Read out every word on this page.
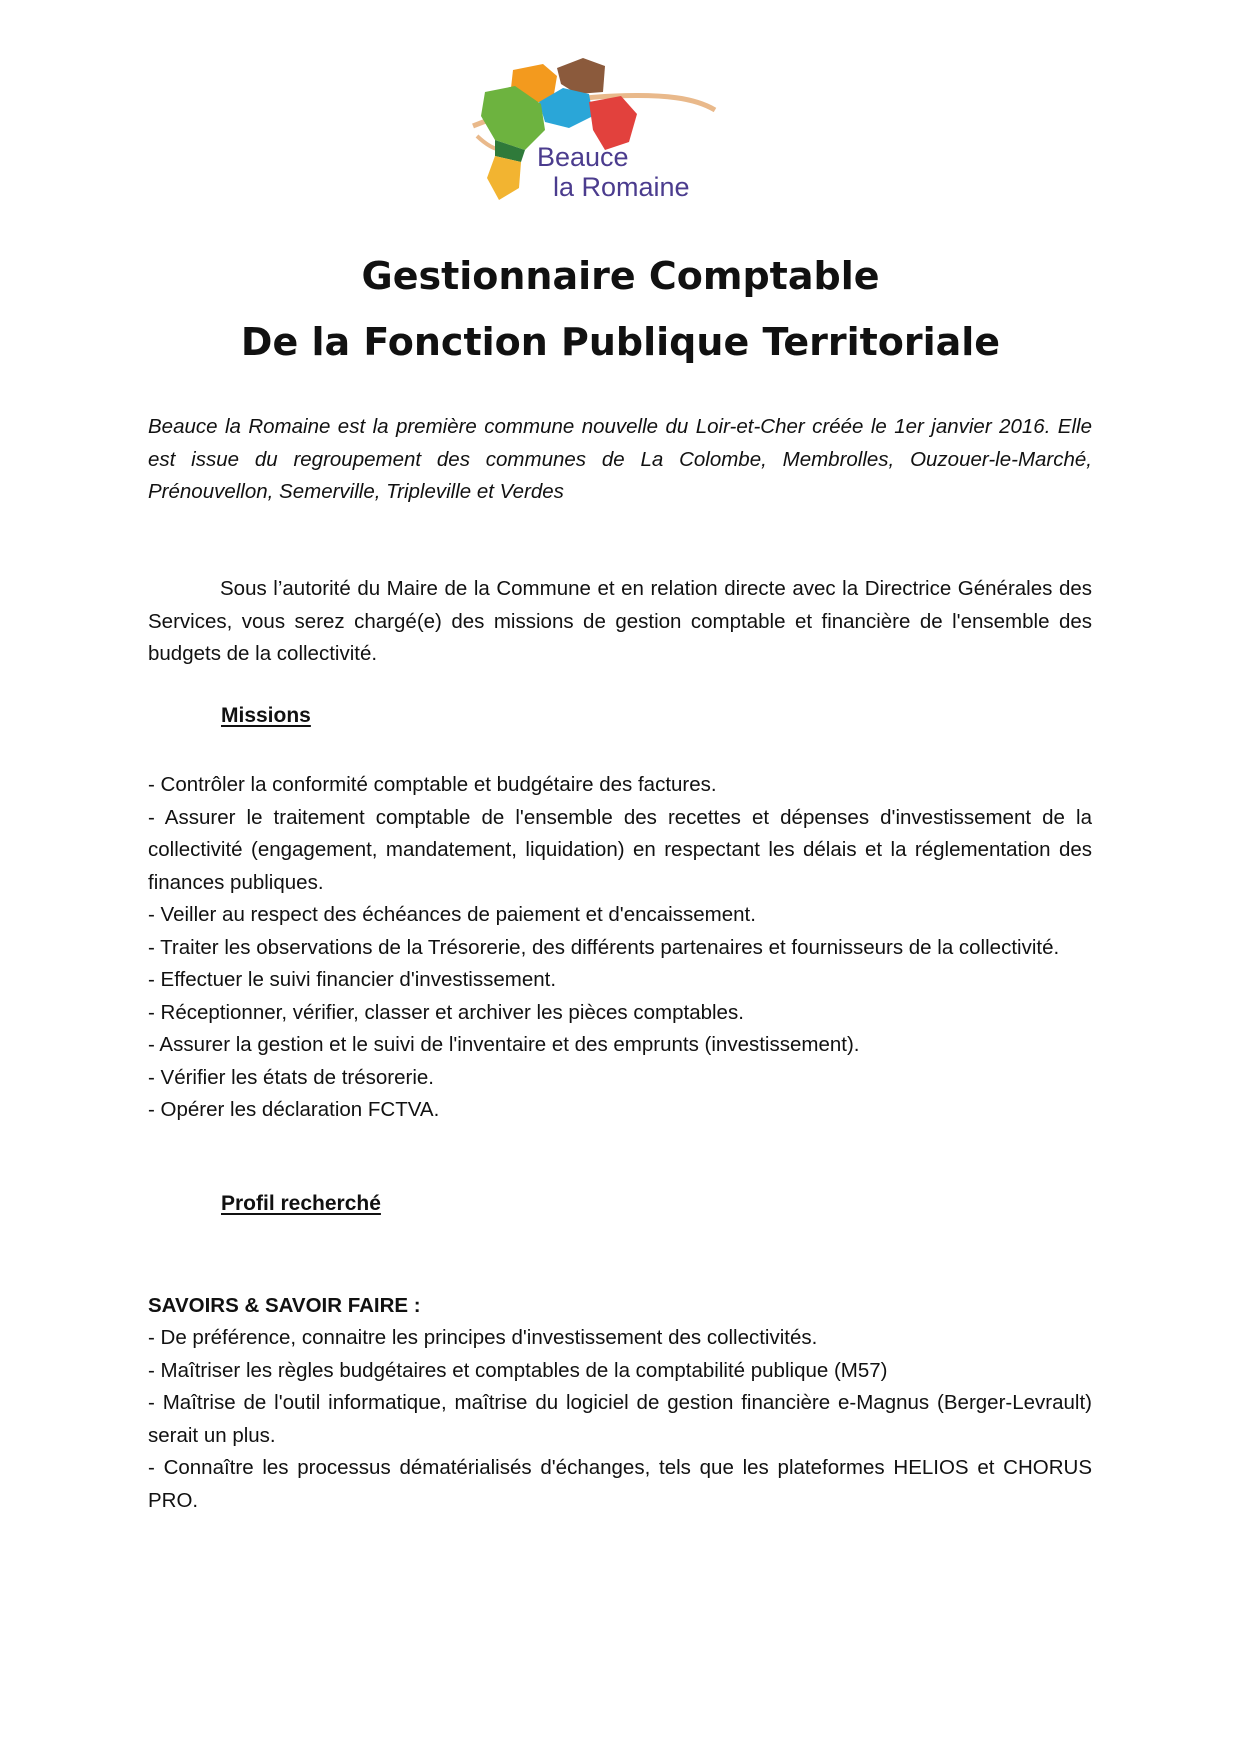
Beauce
la Romaine
Gestionnaire Comptable
De la Fonction Publique Territoriale

Beauce la Romaine est la première commune nouvelle du Loir-et-Cher créée le 1er janvier 2016. Elle est issue du regroupement des communes de La Colombe, Membrolles, Ouzouer-le-Marché, Prénouvellon, Semerville, Tripleville et Verdes

Sous l’autorité du Maire de la Commune et en relation directe avec la Directrice Générales des Services, vous serez chargé(e) des missions de gestion comptable et financière de l'ensemble des budgets de la collectivité.

Missions
- Contrôler la conformité comptable et budgétaire des factures.
- Assurer le traitement comptable de l'ensemble des recettes et dépenses d'investissement de la collectivité (engagement, mandatement, liquidation) en respectant les délais et la réglementation des finances publiques.
- Veiller au respect des échéances de paiement et d'encaissement.
- Traiter les observations de la Trésorerie, des différents partenaires et fournisseurs de la collectivité.
- Effectuer le suivi financier d'investissement.
- Réceptionner, vérifier, classer et archiver les pièces comptables.
- Assurer la gestion et le suivi de l'inventaire et des emprunts (investissement).
- Vérifier les états de trésorerie.
- Opérer les déclaration FCTVA.
Profil recherché
SAVOIRS & SAVOIR FAIRE :
- De préférence, connaitre les principes d'investissement des collectivités.
- Maîtriser les règles budgétaires et comptables de la comptabilité publique (M57)
- Maîtrise de l'outil informatique, maîtrise du logiciel de gestion financière e-Magnus (Berger-Levrault) serait un plus.
- Connaître les processus dématérialisés d'échanges, tels que les plateformes HELIOS et CHORUS PRO.
